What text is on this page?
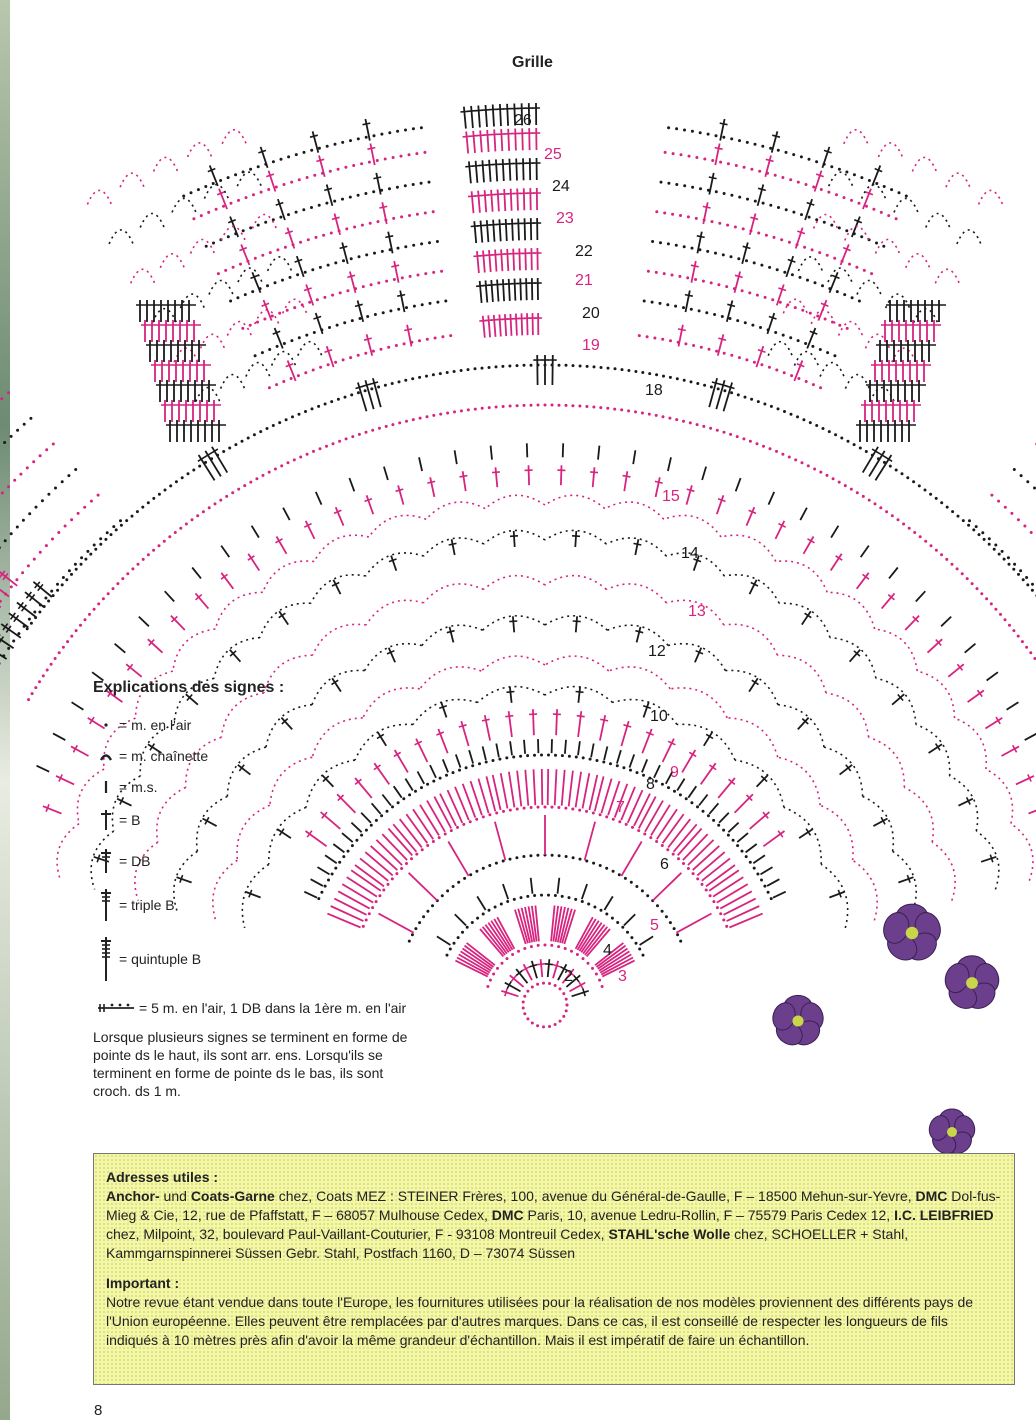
Grille
26
25
24
23
22
21
20
19
18
15
14
13
12
10
9
8
7
6
5
4
3
2
Explications des signes :
= m. en l'air
= m. chaînette
= m.s.
= B
= DB
= triple B
= quintuple B
= 5 m. en l'air, 1 DB dans la 1ère m. en l'air
Lorsque plusieurs signes se terminent en forme de pointe ds le haut, ils sont arr. ens. Lorsqu'ils se terminent en forme de pointe ds le bas, ils sont croch. ds 1 m.

Adresses utiles :

Anchor- und Coats-Garne chez, Coats MEZ : STEINER Frères, 100, avenue du Général-de-Gaulle, F – 18500 Mehun-sur-Yevre, DMC Dol-fus-Mieg & Cie, 12, rue de Pfaffstatt, F – 68057 Mulhouse Cedex, DMC Paris, 10, avenue Ledru-Rollin, F – 75579 Paris Cedex 12, I.C. LEIBFRIED chez, Milpoint, 32, boulevard Paul-Vaillant-Couturier, F - 93108 Montreuil Cedex, STAHL'sche Wolle chez, SCHOELLER + Stahl, Kammgarnspinnerei Süssen Gebr. Stahl, Postfach 1160, D – 73074 Süssen

Important :

Notre revue étant vendue dans toute l'Europe, les fournitures utilisées pour la réalisation de nos modèles proviennent des différents pays de l'Union européenne. Elles peuvent être remplacées par d'autres marques. Dans ce cas, il est conseillé de respecter les longueurs de fils indiqués à 10 mètres près afin d'avoir la même grandeur d'échantillon. Mais il est impératif de faire un échantillon.

8
